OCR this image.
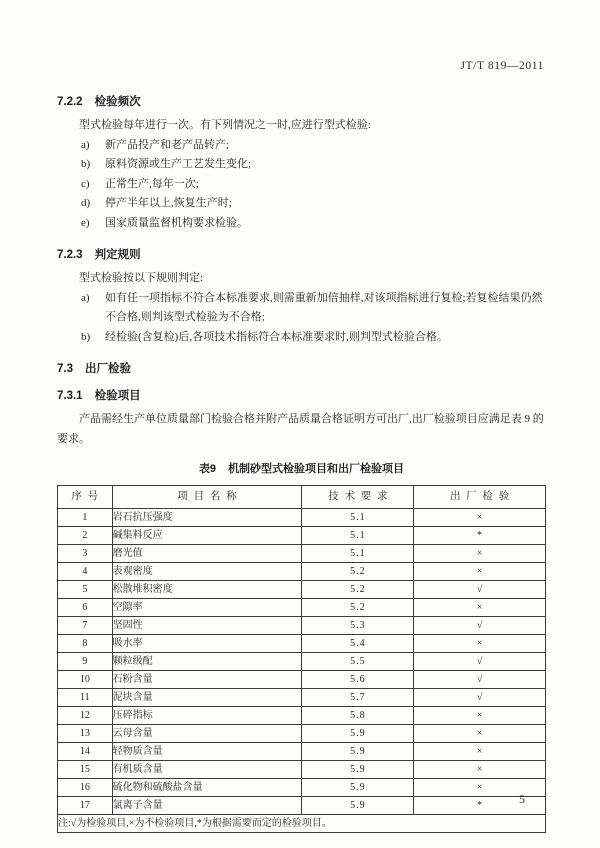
JT/T 819—2011
7.2.2 检验频次
型式检验每年进行一次。有下列情况之一时,应进行型式检验:
a)	新产品投产和老产品转产;
b)	原料资源或生产工艺发生变化;
c)	正常生产,每年一次;
d)	停产半年以上,恢复生产时;
e)	国家质量监督机构要求检验。
7.2.3 判定规则
型式检验按以下规则判定:
a)	如有任一项指标不符合本标准要求,则需重新加倍抽样,对该项指标进行复检;若复检结果仍然不合格,则判该型式检验为不合格;
b)	经检验(含复检)后,各项技术指标符合本标准要求时,则判型式检验合格。
7.3 出厂检验
7.3.1 检验项目
产品需经生产单位质量部门检验合格并附产品质量合格证明方可出厂,出厂检验项目应满足表 9 的要求。
表9 机制砂型式检验项目和出厂检验项目
序号	项目名称	技术要求	出厂检验
1	岩石抗压强度	5.1	×
2	碱集料反应	5.1	*
3	磨光值	5.1	×
4	表观密度	5.2	×
5	松散堆积密度	5.2	√
6	空隙率	5.2	×
7	坚固性	5.3	√
8	吸水率	5.4	×
9	颗粒级配	5.5	√
10	石粉含量	5.6	√
11	泥块含量	5.7	√
12	压碎指标	5.8	×
13	云母含量	5.9	×
14	轻物质含量	5.9	×
15	有机质含量	5.9	×
16	硫化物和硫酸盐含量	5.9	×
17	氯离子含量	5.9	*
注:√为检验项目,×为不检验项目,*为根据需要而定的检验项目。			
5
